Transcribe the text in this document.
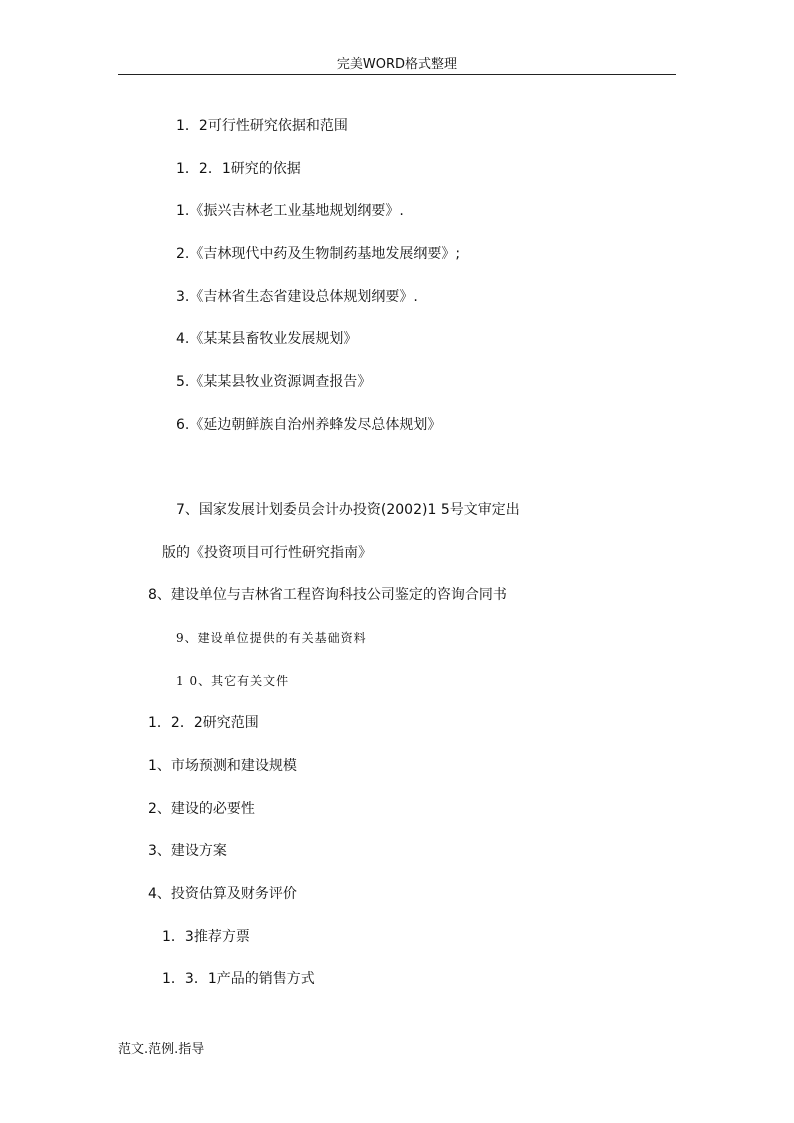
完美WORD格式整理
1．2可行性研究依据和范围
1．2．1研究的依据
1.《振兴吉林老工业基地规划纲要》.
2.《吉林现代中药及生物制药基地发展纲要》;
3.《吉林省生态省建设总体规划纲要》.
4.《某某县畜牧业发展规划》
5.《某某县牧业资源调查报告》
6.《延边朝鲜族自治州养蜂发尽总体规划》
7、国家发展计划委员会计办投资(2002)1 5号文审定出
版的《投资项目可行性研究指南》
8、建设单位与吉林省工程咨询科技公司鉴定的咨询合同书
9、建设单位提供的有关基础资料
1 0、其它有关文件
1．2．2研究范围
1、市场预测和建设规模
2、建设的必要性
3、建设方案
4、投资估算及财务评价
1．3推荐方票
1．3．1产品的销售方式
范文.范例.指导
